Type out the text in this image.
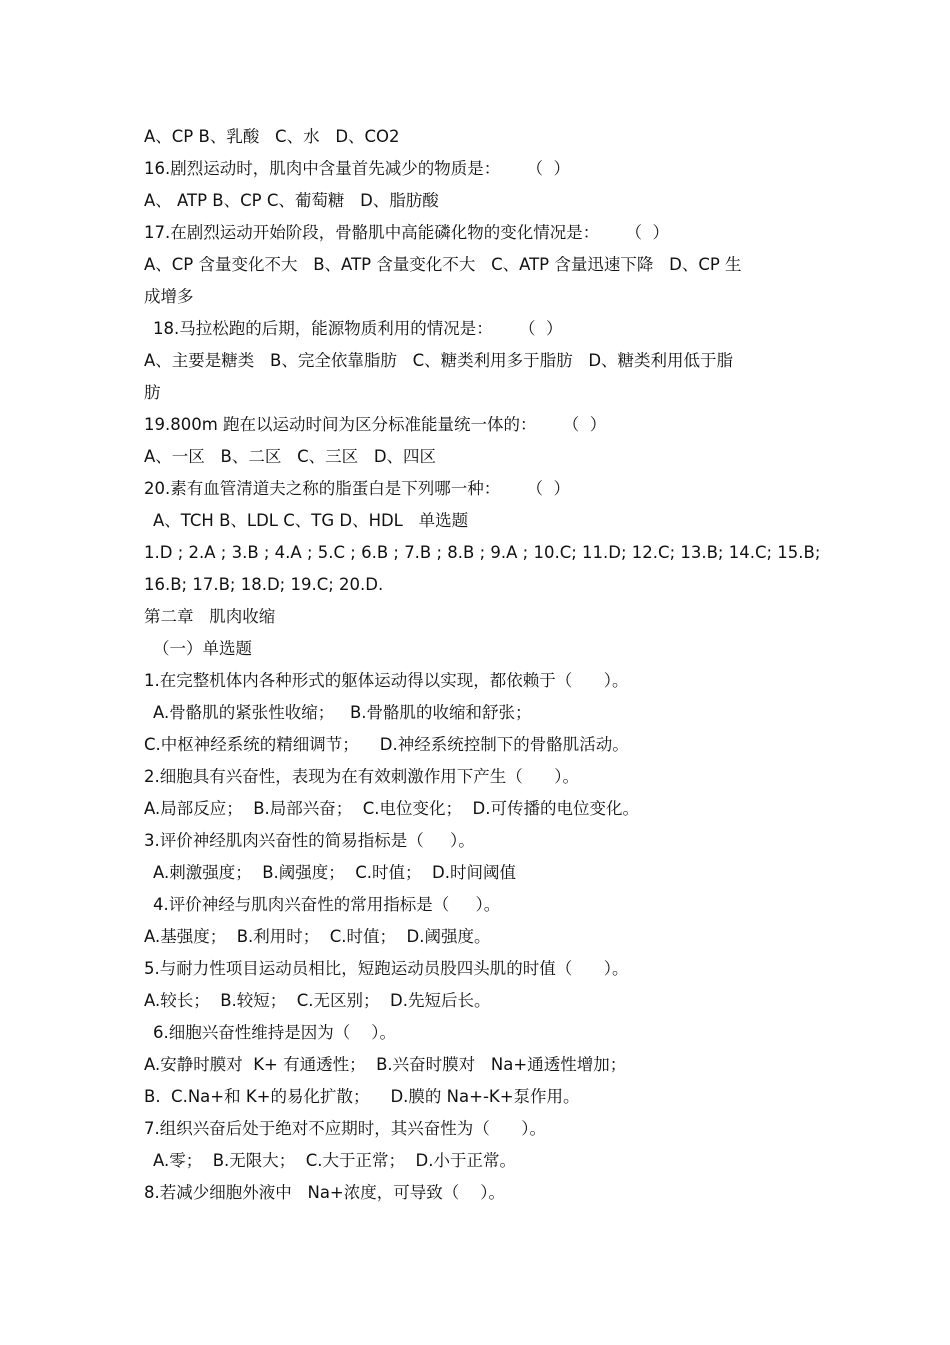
A、CP B、乳酸   C、水   D、CO2
16.剧烈运动时，肌肉中含量首先减少的物质是：     （  ）
A、 ATP B、CP C、葡萄糖   D、脂肪酸
17.在剧烈运动开始阶段，骨骼肌中高能磷化物的变化情况是：     （  ）
A、CP 含量变化不大   B、ATP 含量变化不大   C、ATP 含量迅速下降   D、CP 生
成增多
18.马拉松跑的后期，能源物质利用的情况是：     （  ）
A、主要是糖类   B、完全依靠脂肪   C、糖类利用多于脂肪   D、糖类利用低于脂
肪
19.800m 跑在以运动时间为区分标准能量统一体的：     （  ）
A、一区   B、二区   C、三区   D、四区
20.素有血管清道夫之称的脂蛋白是下列哪一种：     （  ）
A、TCH B、LDL C、TG D、HDL   单选题
1.D ; 2.A ; 3.B ; 4.A ; 5.C ; 6.B ; 7.B ; 8.B ; 9.A ; 10.C; 11.D; 12.C; 13.B; 14.C; 15.B;
16.B; 17.B; 18.D; 19.C; 20.D.
第二章   肌肉收缩
（一）单选题
1.在完整机体内各种形式的躯体运动得以实现，都依赖于（      ）。
A.骨骼肌的紧张性收缩；   B.骨骼肌的收缩和舒张；
C.中枢神经系统的精细调节；    D.神经系统控制下的骨骼肌活动。
2.细胞具有兴奋性，表现为在有效刺激作用下产生（      ）。
A.局部反应；  B.局部兴奋；  C.电位变化；  D.可传播的电位变化。
3.评价神经肌肉兴奋性的简易指标是（     ）。
A.刺激强度；  B.阈强度；  C.时值；  D.时间阈值
4.评价神经与肌肉兴奋性的常用指标是（     ）。
A.基强度；  B.利用时；  C.时值；  D.阈强度。
5.与耐力性项目运动员相比，短跑运动员股四头肌的时值（      ）。
A.较长；  B.较短；  C.无区别；  D.先短后长。
6.细胞兴奋性维持是因为（    ）。
A.安静时膜对  K+ 有通透性；  B.兴奋时膜对   Na+通透性增加；
B.  C.Na+和 K+的易化扩散；    D.膜的 Na+-K+泵作用。
7.组织兴奋后处于绝对不应期时，其兴奋性为（      ）。
A.零；  B.无限大；  C.大于正常；  D.小于正常。
8.若减少细胞外液中   Na+浓度，可导致（    ）。
